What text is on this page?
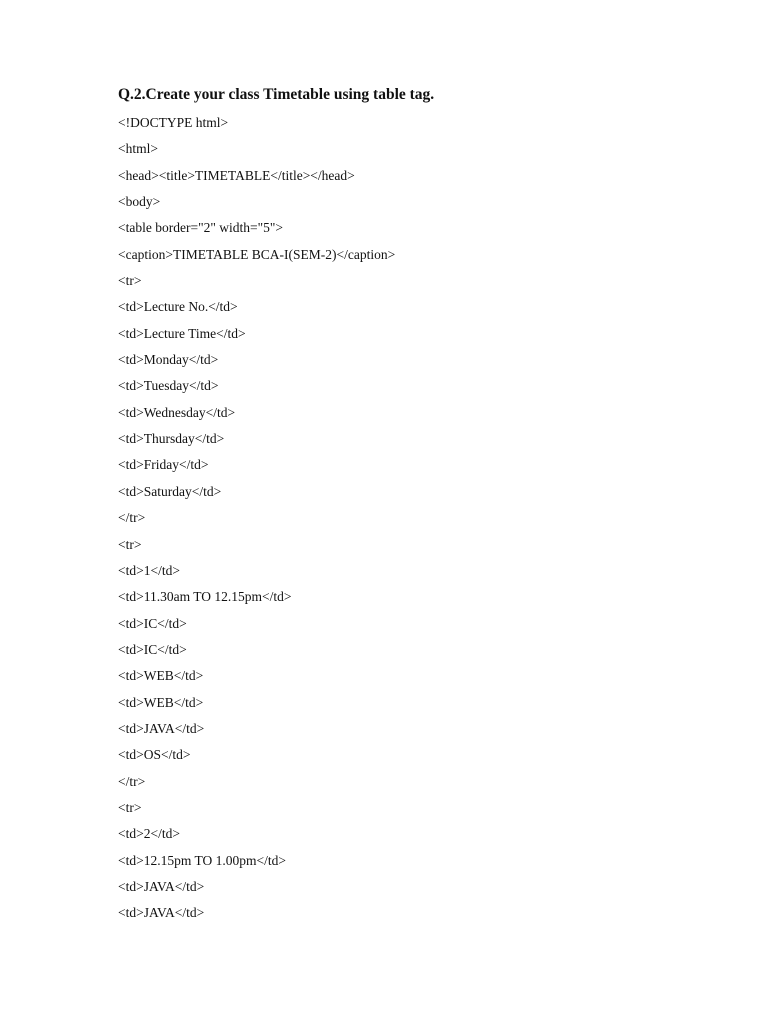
Q.2.Create your class Timetable using table tag.
<!DOCTYPE html>
<html>
<head><title>TIMETABLE</title></head>
<body>
<table border="2" width="5">
<caption>TIMETABLE BCA-I(SEM-2)</caption>
<tr>
<td>Lecture No.</td>
<td>Lecture Time</td>
<td>Monday</td>
<td>Tuesday</td>
<td>Wednesday</td>
<td>Thursday</td>
<td>Friday</td>
<td>Saturday</td>
</tr>
<tr>
<td>1</td>
<td>11.30am TO 12.15pm</td>
<td>IC</td>
<td>IC</td>
<td>WEB</td>
<td>WEB</td>
<td>JAVA</td>
<td>OS</td>
</tr>
<tr>
<td>2</td>
<td>12.15pm TO 1.00pm</td>
<td>JAVA</td>
<td>JAVA</td>
